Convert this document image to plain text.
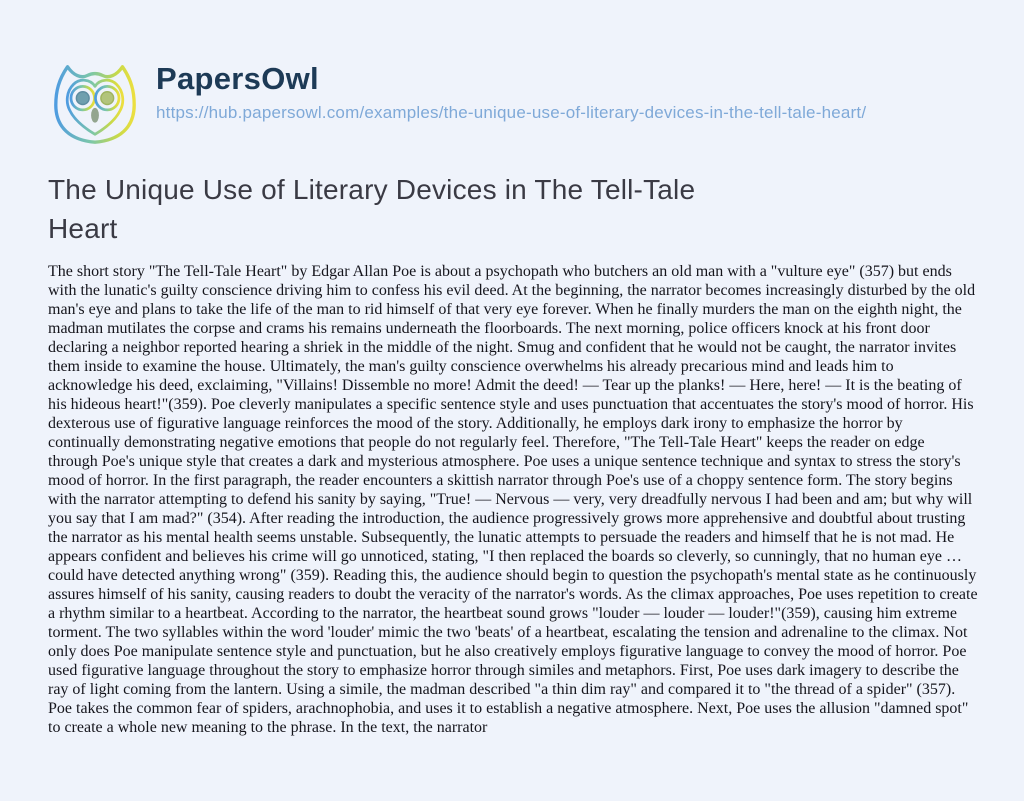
PapersOwl
https://hub.papersowl.com/examples/the-unique-use-of-literary-devices-in-the-tell-tale-heart/
The Unique Use of Literary Devices in The Tell-Tale Heart

The short story "The Tell-Tale Heart" by Edgar Allan Poe is about a psychopath who butchers an old man with a "vulture eye" (357) but ends with the lunatic's guilty conscience driving him to confess his evil deed. At the beginning, the narrator becomes increasingly disturbed by the old man's eye and plans to take the life of the man to rid himself of that very eye forever. When he finally murders the man on the eighth night, the madman mutilates the corpse and crams his remains underneath the floorboards. The next morning, police officers knock at his front door declaring a neighbor reported hearing a shriek in the middle of the night. Smug and confident that he would not be caught, the narrator invites them inside to examine the house. Ultimately, the man's guilty conscience overwhelms his already precarious mind and leads him to acknowledge his deed, exclaiming, "Villains! Dissemble no more! Admit the deed! — Tear up the planks! — Here, here! — It is the beating of his hideous heart!"(359). Poe cleverly manipulates a specific sentence style and uses punctuation that accentuates the story's mood of horror. His dexterous use of figurative language reinforces the mood of the story. Additionally, he employs dark irony to emphasize the horror by continually demonstrating negative emotions that people do not regularly feel. Therefore, "The Tell-Tale Heart" keeps the reader on edge through Poe's unique style that creates a dark and mysterious atmosphere. Poe uses a unique sentence technique and syntax to stress the story's mood of horror. In the first paragraph, the reader encounters a skittish narrator through Poe's use of a choppy sentence form. The story begins with the narrator attempting to defend his sanity by saying, "True! — Nervous — very, very dreadfully nervous I had been and am; but why will you say that I am mad?" (354). After reading the introduction, the audience progressively grows more apprehensive and doubtful about trusting the narrator as his mental health seems unstable. Subsequently, the lunatic attempts to persuade the readers and himself that he is not mad. He appears confident and believes his crime will go unnoticed, stating, "I then replaced the boards so cleverly, so cunningly, that no human eye … could have detected anything wrong" (359). Reading this, the audience should begin to question the psychopath's mental state as he continuously assures himself of his sanity, causing readers to doubt the veracity of the narrator's words. As the climax approaches, Poe uses repetition to create a rhythm similar to a heartbeat. According to the narrator, the heartbeat sound grows "louder — louder — louder!"(359), causing him extreme torment. The two syllables within the word 'louder' mimic the two 'beats' of a heartbeat, escalating the tension and adrenaline to the climax. Not only does Poe manipulate sentence style and punctuation, but he also creatively employs figurative language to convey the mood of horror. Poe used figurative language throughout the story to emphasize horror through similes and metaphors. First, Poe uses dark imagery to describe the ray of light coming from the lantern. Using a simile, the madman described "a thin dim ray" and compared it to "the thread of a spider" (357). Poe takes the common fear of spiders, arachnophobia, and uses it to establish a negative atmosphere. Next, Poe uses the allusion "damned spot" to create a whole new meaning to the phrase. In the text, the narrator
